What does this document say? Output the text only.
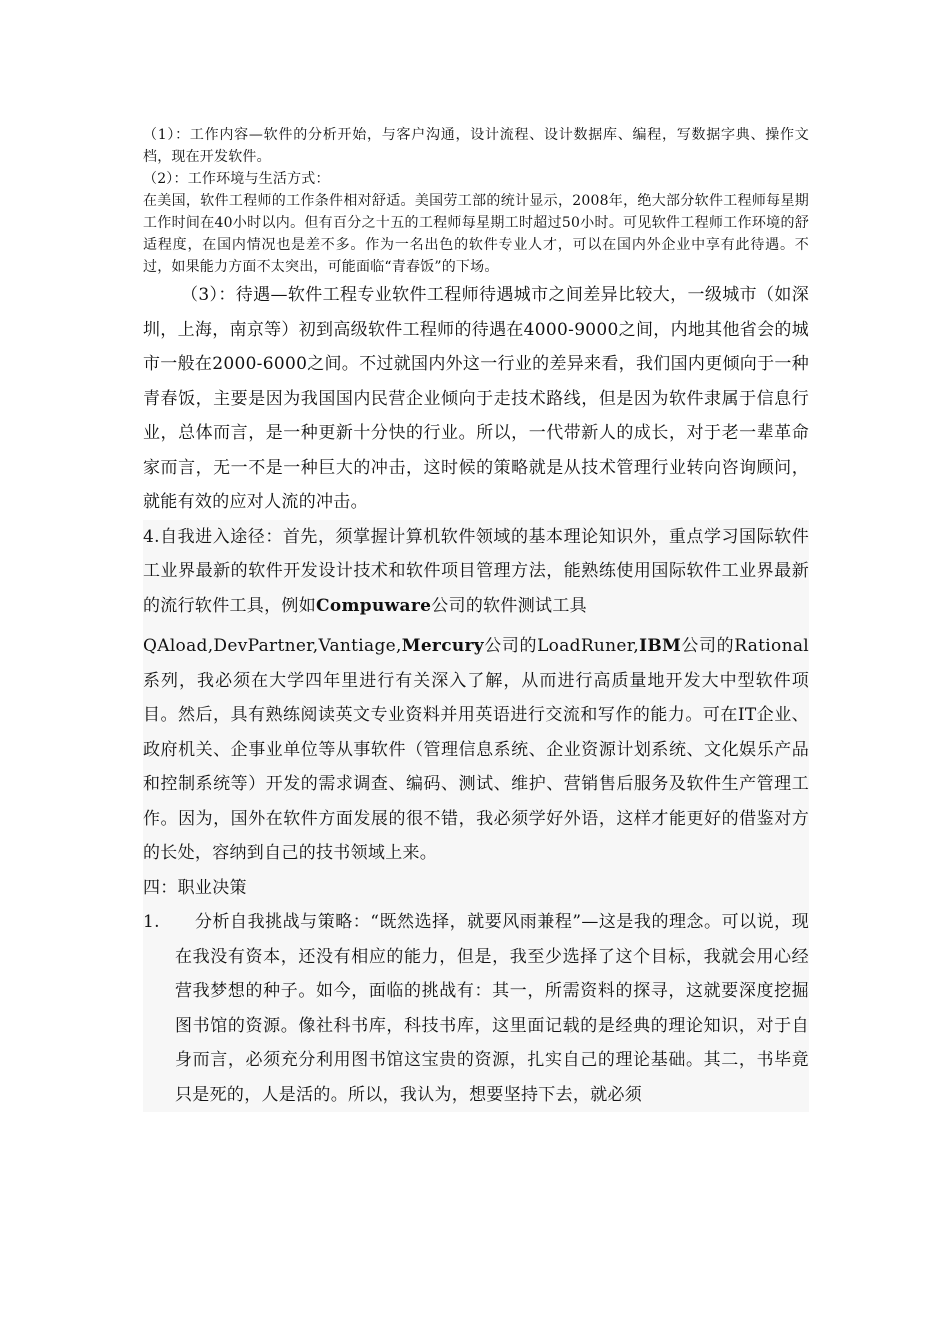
（1）：工作内容—软件的分析开始，与客户沟通，设计流程、设计数据库、编程，写数据字典、操作文档，现在开发软件。

（2）：工作环境与生活方式：

在美国，软件工程师的工作条件相对舒适。美国劳工部的统计显示，2008年，绝大部分软件工程师每星期工作时间在40小时以内。但有百分之十五的工程师每星期工时超过50小时。可见软件工程师工作环境的舒适程度，在国内情况也是差不多。作为一名出色的软件专业人才，可以在国内外企业中享有此待遇。不过，如果能力方面不太突出，可能面临“青春饭”的下场。

（3）：待遇—软件工程专业软件工程师待遇城市之间差异比较大，一级城市（如深圳，上海，南京等）初到高级软件工程师的待遇在4000-9000之间，内地其他省会的城市一般在2000-6000之间。不过就国内外这一行业的差异来看，我们国内更倾向于一种青春饭，主要是因为我国国内民营企业倾向于走技术路线，但是因为软件隶属于信息行业，总体而言，是一种更新十分快的行业。所以，一代带新人的成长，对于老一辈革命家而言，无一不是一种巨大的冲击，这时候的策略就是从技术管理行业转向咨询顾问，就能有效的应对人流的冲击。

4.自我进入途径：首先，须掌握计算机软件领域的基本理论知识外，重点学习国际软件工业界最新的软件开发设计技术和软件项目管理方法，能熟练使用国际软件工业界最新的流行软件工具，例如Compuware公司的软件测试工具

QAload,DevPartner,Vantiage,Mercury公司的LoadRuner,IBM公司的Rational系列，我必须在大学四年里进行有关深入了解，从而进行高质量地开发大中型软件项目。然后，具有熟练阅读英文专业资料并用英语进行交流和写作的能力。可在IT企业、政府机关、企事业单位等从事软件（管理信息系统、企业资源计划系统、文化娱乐产品和控制系统等）开发的需求调查、编码、测试、维护、营销售后服务及软件生产管理工作。因为，国外在软件方面发展的很不错，我必须学好外语，这样才能更好的借鉴对方的长处，容纳到自己的技书领域上来。

四：职业决策

1.	分析自我挑战与策略：“既然选择，就要风雨兼程”—这是我的理念。可以说，现在我没有资本，还没有相应的能力，但是，我至少选择了这个目标，我就会用心经营我梦想的种子。如今，面临的挑战有：其一，所需资料的探寻，这就要深度挖掘图书馆的资源。像社科书库，科技书库，这里面记载的是经典的理论知识，对于自身而言，必须充分利用图书馆这宝贵的资源，扎实自己的理论基础。其二，书毕竟只是死的，人是活的。所以，我认为，想要坚持下去，就必须
